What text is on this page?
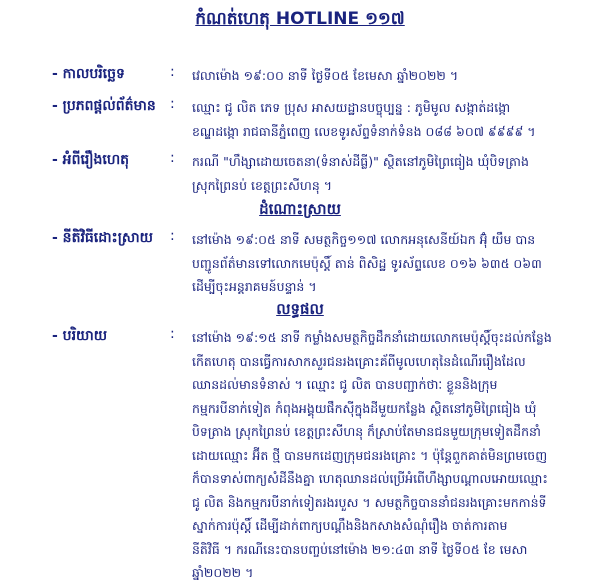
កំណត់ហេតុ HOTLINE ១១៧
- កាលបរិច្ឆេទ	: វេលាម៉ោង ១៩:០០ នាទី ថ្ងៃទី០៥ ខែមេសា ឆ្នាំ២០២២ ។
- ប្រភពផ្ដល់ព័ត៌មាន : ឈ្មោះ ជូ លិត ភេទ ប្រុស អាសយដ្ឋានបច្ចុប្បន្ន : ភូមិមូល សង្កាត់ដង្កោ
ខណ្ឌដង្កោ រាជធានីភ្នំពេញ លេខទូរស័ព្ទទំនាក់ទំនង ០៨៨ ៦០៧ ៩៩៩៩ ។
- អំពីរឿងហេតុ	: ករណី "ហឹង្សាដោយចេតនា(ទំនាស់ដីធ្លី)" ស្ថិតនៅភូមិព្រៃធៀង ឃុំបិទត្រាង
ស្រុកព្រៃនប់ ខេត្តព្រះសីហនុ ។
ដំណោះស្រាយ
- នីតិវិធីដោះស្រាយ : នៅម៉ោង ១៩:០៥ នាទី សមត្ថកិច្ច១១៧ លោកអនុសេនីយ៍ឯក អ៊ុំ យឹម បាន
បញ្ជូនព័ត៌មានទៅលោកមេប៉ុស្តិ៍ តាន់ ពិសិដ្ឋ ទូរស័ព្ទលេខ ០១៦ ៦៣៥ ០៦៣
ដើម្បីចុះអន្តរាគមន៍បន្ទាន់ ។
លទ្ធផល
- បរិយាយ	: នៅម៉ោង ១៩:១៥ នាទី កម្លាំងសមត្ថកិច្ចដឹកនាំដោយលោកមេប៉ុស្តិ៍ចុះដល់កន្លែង
កើតហេតុ បានធ្វើការសាកសួរជនរងគ្រោះគ័ពីមូលហេតុនៃដំណើររឿងដែល
ឈានដល់មានទំនាស់ ។ ឈ្មោះ ជូ លិត បានបញ្ជាក់ថាៈ ខ្លួននិងក្រុម
កម្មករបីនាក់ទៀត កំពុងអង្គុយផឹកស៊ីក្នុងដីមួយកន្លែង ស្ថិតនៅភូមិព្រៃធៀង ឃុំ
បិទត្រាង ស្រុកព្រៃនប់ ខេត្តព្រះសីហនុ ក៏ស្រាប់តែមានជនមួយក្រុមទៀតដឹកនាំ
ដោយឈ្មោះ អ៊ីត ថ្មី បានមកដេញក្រុមជនរងគ្រោះ ។ ប៉ុន្តែពួកគាត់មិនព្រមចេញ
ក៏បានទាស់ពាក្យសំដីនឹងគ្នា ហេតុឈានដល់ប្រើអំពើហឹង្សាបណ្ដាលអោយឈ្មោះ
ជូ លិត និងកម្មករបីនាក់ទៀតរងរបួស ។ សមត្ថកិច្ចបាននាំជនរងគ្រោះមកកាន់ទី
ស្នាក់ការប៉ុស្តិ៍ ដើម្បីដាក់ពាក្យបណ្ដឹងនិងកសាងសំណុំរឿង ចាត់ការតាម
នីតិវិធី ។ ករណីនេះបានបញ្ចប់នៅម៉ោង ២១:៤៣ នាទី ថ្ងៃទី០៥ ខែ មេសា
ឆ្នាំ២០២២ ។
